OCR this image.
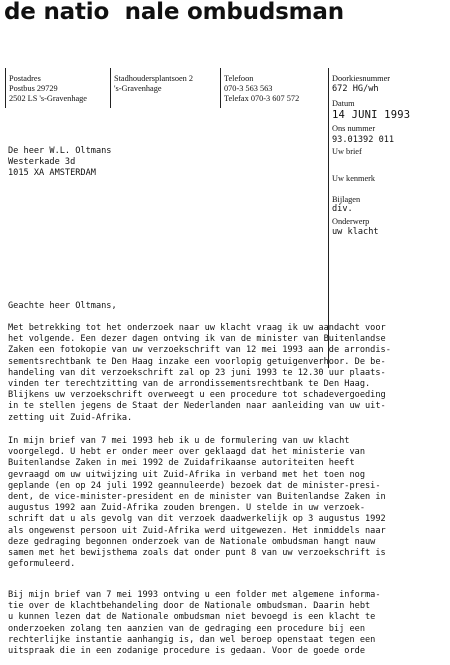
de natio  nale ombudsman
Postadres
Postbus 29729
2502 LS 's-Gravenhage
Stadhoudersplantsoen 2
's-Gravenhage
Telefoon
070-3 563 563
Telefax 070-3 607 572
Doorkiesnummer
672 HG/wh
Datum
14 JUNI 1993
Ons nummer
93.01392 011
Uw brief
Uw kenmerk
Bijlagen
div.
Onderwerp
uw klacht
De heer W.L. Oltmans
Westerkade 3d
1015 XA AMSTERDAM
Geachte heer Oltmans,
Met betrekking tot het onderzoek naar uw klacht vraag ik uw aandacht voor
het volgende. Een dezer dagen ontving ik van de minister van Buitenlandse
Zaken een fotokopie van uw verzoekschrift van 12 mei 1993 aan de arrondis-
sementsrechtbank te Den Haag inzake een voorlopig getuigenverhoor. De be-
handeling van dit verzoekschrift zal op 23 juni 1993 te 12.30 uur plaats-
vinden ter terechtzitting van de arrondissementsrechtbank te Den Haag.
Blijkens uw verzoekschrift overweegt u een procedure tot schadevergoeding
in te stellen jegens de Staat der Nederlanden naar aanleiding van uw uit-
zetting uit Zuid-Afrika.
In mijn brief van 7 mei 1993 heb ik u de formulering van uw klacht
voorgelegd. U hebt er onder meer over geklaagd dat het ministerie van
Buitenlandse Zaken in mei 1992 de Zuidafrikaanse autoriteiten heeft
gevraagd om uw uitwijzing uit Zuid-Afrika in verband met het toen nog
geplande (en op 24 juli 1992 geannuleerde) bezoek dat de minister-presi-
dent, de vice-minister-president en de minister van Buitenlandse Zaken in
augustus 1992 aan Zuid-Afrika zouden brengen. U stelde in uw verzoek-
schrift dat u als gevolg van dit verzoek daadwerkelijk op 3 augustus 1992
als ongewenst persoon uit Zuid-Afrika werd uitgewezen. Het inmiddels naar
deze gedraging begonnen onderzoek van de Nationale ombudsman hangt nauw
samen met het bewijsthema zoals dat onder punt 8 van uw verzoekschrift is
geformuleerd.
Bij mijn brief van 7 mei 1993 ontving u een folder met algemene informa-
tie over de klachtbehandeling door de Nationale ombudsman. Daarin hebt
u kunnen lezen dat de Nationale ombudsman niet bevoegd is een klacht te
onderzoeken zolang ten aanzien van de gedraging een procedure bij een
rechterlijke instantie aanhangig is, dan wel beroep openstaat tegen een
uitspraak die in een zodanige procedure is gedaan. Voor de goede orde
